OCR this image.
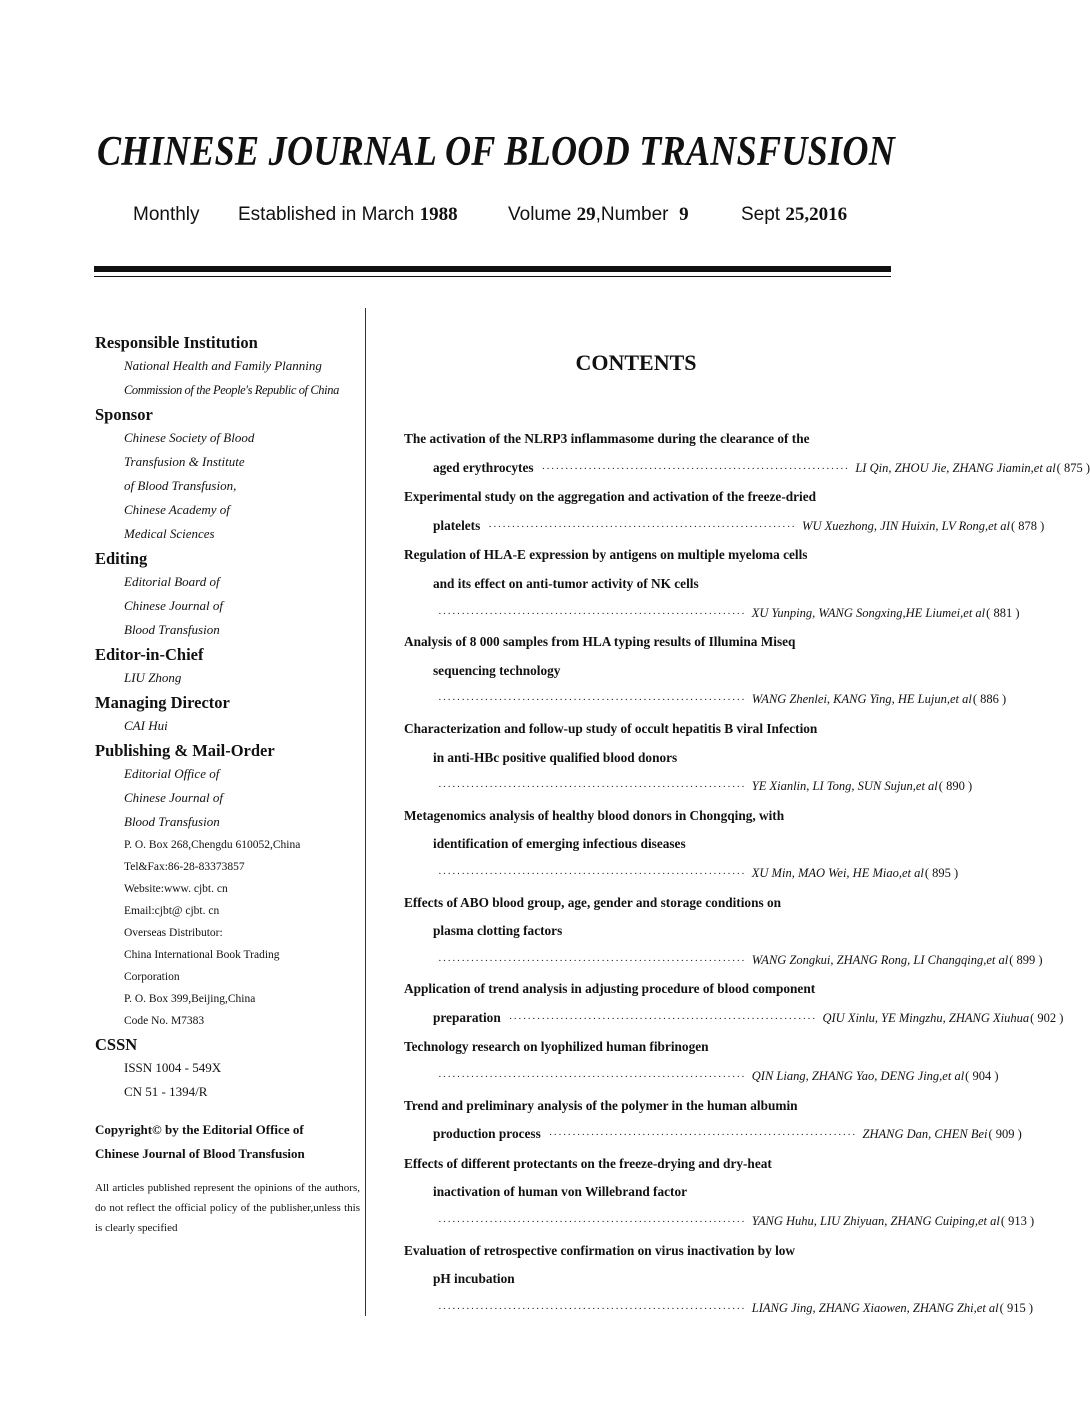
CHINESE JOURNAL OF BLOOD TRANSFUSION
Monthly Established in March 1988	Volume 29,Number 9	Sept 25,2016
Responsible Institution
National Health and Family Planning
Commission of the People's Republic of China
Sponsor
Chinese Society of Blood
Transfusion & Institute
of Blood Transfusion,
Chinese Academy of
Medical Sciences
Editing
Editorial Board of
Chinese Journal of
Blood Transfusion
Editor-in-Chief
LIU Zhong
Managing Director
CAI Hui
Publishing & Mail-Order
Editorial Office of
Chinese Journal of
Blood Transfusion
P. O. Box 268,Chengdu 610052,China
Tel&Fax:86-28-83373857
Website:www. cjbt. cn
Email:cjbt@ cjbt. cn
Overseas Distributor:
China International Book Trading
Corporation
P. O. Box 399,Beijing,China
Code No. M7383
CSSN
ISSN 1004 - 549X
CN 51 - 1394/R
Copyright© by the Editorial Office of
Chinese Journal of Blood Transfusion
All articles published represent the opinions of the authors, do not reflect the official policy of the publisher,unless this is clearly specified
CONTENTS
The activation of the NLRP3 inflammasome during the clearance of the
aged erythrocytes ·································································· LI Qin, ZHOU Jie, ZHANG Jiamin,et al ( 875 )
Experimental study on the aggregation and activation of the freeze-dried
platelets ·································································· WU Xuezhong, JIN Huixin, LV Rong,et al ( 878 )
Regulation of HLA-E expression by antigens on multiple myeloma cells
and its effect on anti-tumor activity of NK cells
·································································· XU Yunping, WANG Songxing,HE Liumei,et al ( 881 )
Analysis of 8 000 samples from HLA typing results of Illumina Miseq
sequencing technology
·································································· WANG Zhenlei, KANG Ying, HE Lujun,et al ( 886 )
Characterization and follow-up study of occult hepatitis B viral Infection
in anti-HBc positive qualified blood donors
·································································· YE Xianlin, LI Tong, SUN Sujun,et al ( 890 )
Metagenomics analysis of healthy blood donors in Chongqing, with
identification of emerging infectious diseases
·································································· XU Min, MAO Wei, HE Miao,et al ( 895 )
Effects of ABO blood group, age, gender and storage conditions on
plasma clotting factors
·································································· WANG Zongkui, ZHANG Rong, LI Changqing,et al ( 899 )
Application of trend analysis in adjusting procedure of blood component
preparation ·································································· QIU Xinlu, YE Mingzhu, ZHANG Xiuhua ( 902 )
Technology research on lyophilized human fibrinogen
·································································· QIN Liang, ZHANG Yao, DENG Jing,et al ( 904 )
Trend and preliminary analysis of the polymer in the human albumin
production process ·································································· ZHANG Dan, CHEN Bei ( 909 )
Effects of different protectants on the freeze-drying and dry-heat
inactivation of human von Willebrand factor
·································································· YANG Huhu, LIU Zhiyuan, ZHANG Cuiping,et al ( 913 )
Evaluation of retrospective confirmation on virus inactivation by low
pH incubation
·································································· LIANG Jing, ZHANG Xiaowen, ZHANG Zhi,et al ( 915 )
